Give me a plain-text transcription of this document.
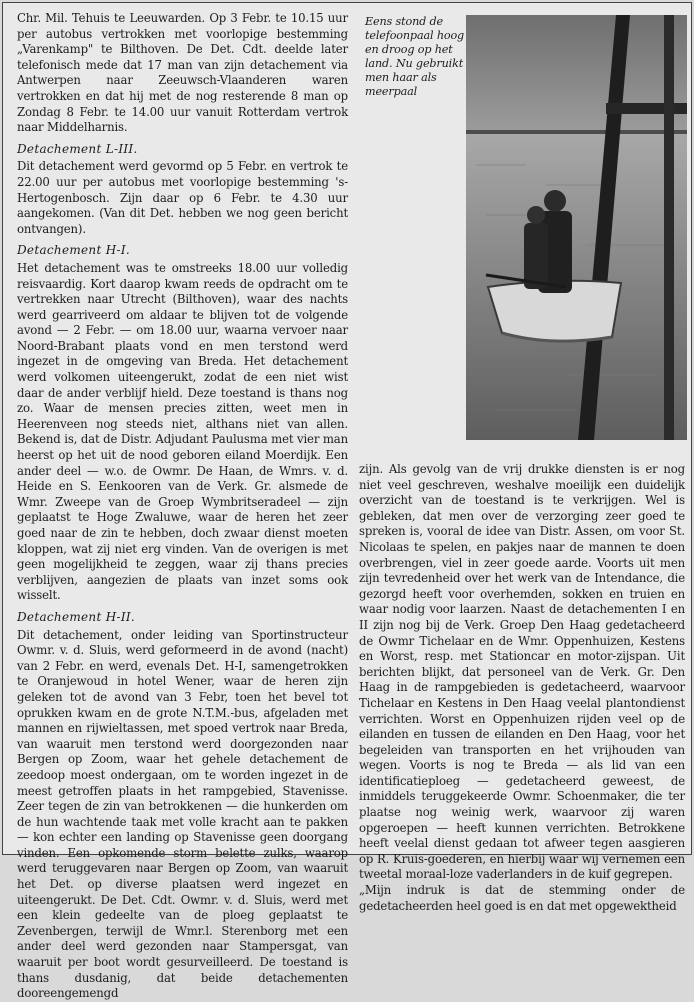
Chr. Mil. Tehuis te Leeuwarden. Op 3 Febr. te 10.15 uur per autobus vertrokken met voorlopige bestemming „Varenkamp" te Bilthoven. De Det. Cdt. deelde later telefonisch mede dat 17 man van zijn detachement via Antwerpen naar Zeeuwsch-Vlaanderen waren vertrokken en dat hij met de nog resterende 8 man op Zondag 8 Febr. te 14.00 uur vanuit Rotterdam vertrok naar Middelharnis.

Detachement L-III.

Dit detachement werd gevormd op 5 Febr. en vertrok te 22.00 uur per autobus met voorlopige bestemming 's-Hertogenbosch. Zijn daar op 6 Febr. te 4.30 uur aangekomen. (Van dit Det. hebben we nog geen bericht ontvangen).

Detachement H-I.

Het detachement was te omstreeks 18.00 uur volledig reisvaardig. Kort daarop kwam reeds de opdracht om te vertrekken naar Utrecht (Bilthoven), waar des nachts werd gearriveerd om aldaar te blijven tot de volgende avond — 2 Febr. — om 18.00 uur, waarna vervoer naar Noord-Brabant plaats vond en men terstond werd ingezet in de omgeving van Breda. Het detachement werd volkomen uiteengerukt, zodat de een niet wist daar de ander verblijf hield. Deze toestand is thans nog zo. Waar de mensen precies zitten, weet men in Heerenveen nog steeds niet, althans niet van allen. Bekend is, dat de Distr. Adjudant Paulusma met vier man heerst op het uit de nood geboren eiland Moerdijk. Een ander deel — w.o. de Owmr. De Haan, de Wmrs. v. d. Heide en S. Eenkooren van de Verk. Gr. alsmede de Wmr. Zweepe van de Groep Wymbritseradeel — zijn geplaatst te Hoge Zwaluwe, waar de heren het zeer goed naar de zin te hebben, doch zwaar dienst moeten kloppen, wat zij niet erg vinden. Van de overigen is met geen mogelijkheid te zeggen, waar zij thans precies verblijven, aangezien de plaats van inzet soms ook wisselt.

Detachement H-II.

Dit detachement, onder leiding van Sportinstructeur Owmr. v. d. Sluis, werd geformeerd in de avond (nacht) van 2 Febr. en werd, evenals Det. H-I, samengetrokken te Oranjewoud in hotel Wener, waar de heren zijn geleken tot de avond van 3 Febr, toen het bevel tot oprukken kwam en de grote N.T.M.-bus, afgeladen met mannen en rijwieltassen, met spoed vertrok naar Breda, van waaruit men terstond werd doorgezonden naar Bergen op Zoom, waar het gehele detachement de zeedoop moest ondergaan, om te worden ingezet in de meest getroffen plaats in het rampgebied, Stavenisse. Zeer tegen de zin van betrokkenen — die hunkerden om de hun wachtende taak met volle kracht aan te pakken — kon echter een landing op Stavenisse geen doorgang vinden. Een opkomende storm belette zulks, waarop werd teruggevaren naar Bergen op Zoom, van waaruit het Det. op diverse plaatsen werd ingezet en uiteengerukt. De Det. Cdt. Owmr. v. d. Sluis, werd met een klein gedeelte van de ploeg geplaatst te Zevenbergen, terwijl de Wmr.l. Sterenborg met een ander deel werd gezonden naar Stampersgat, van waaruit per boot wordt gesurveilleerd. De toestand is thans dusdanig, dat beide detachementen dooreengemengd

Eens stond de telefoonpaal hoog en droog op het land. Nu gebruikt men haar als meerpaal

zijn. Als gevolg van de vrij drukke diensten is er nog niet veel geschreven, weshalve moeilijk een duidelijk overzicht van de toestand is te verkrijgen. Wel is gebleken, dat men over de verzorging zeer goed te spreken is, vooral de idee van Distr. Assen, om voor St. Nicolaas te spelen, en pakjes naar de mannen te doen overbrengen, viel in zeer goede aarde. Voorts uit men zijn tevredenheid over het werk van de Intendance, die gezorgd heeft voor overhemden, sokken en truien en waar nodig voor laarzen. Naast de detachementen I en II zijn nog bij de Verk. Groep Den Haag gedetacheerd de Owmr Tichelaar en de Wmr. Oppenhuizen, Kestens en Worst, resp. met Stationcar en motor-zijspan. Uit berichten blijkt, dat personeel van de Verk. Gr. Den Haag in de rampgebieden is gedetacheerd, waarvoor Tichelaar en Kestens in Den Haag veelal plantondienst verrichten. Worst en Oppenhuizen rijden veel op de eilanden en tussen de eilanden en Den Haag, voor het begeleiden van transporten en het vrijhouden van wegen. Voorts is nog te Breda — als lid van een identificatieploeg — gedetacheerd geweest, de inmiddels teruggekeerde Owmr. Schoenmaker, die ter plaatse nog weinig werk, waarvoor zij waren opgeroepen — heeft kunnen verrichten. Betrokkene heeft veelal dienst gedaan tot afweer tegen aasgieren op R. Kruis-goederen, en hierbij waar wij vernemen een tweetal moraal-loze vaderlanders in de kuif gegrepen.

„Mijn indruk is dat de stemming onder de gedetacheerden heel goed is en dat met opgewektheid
